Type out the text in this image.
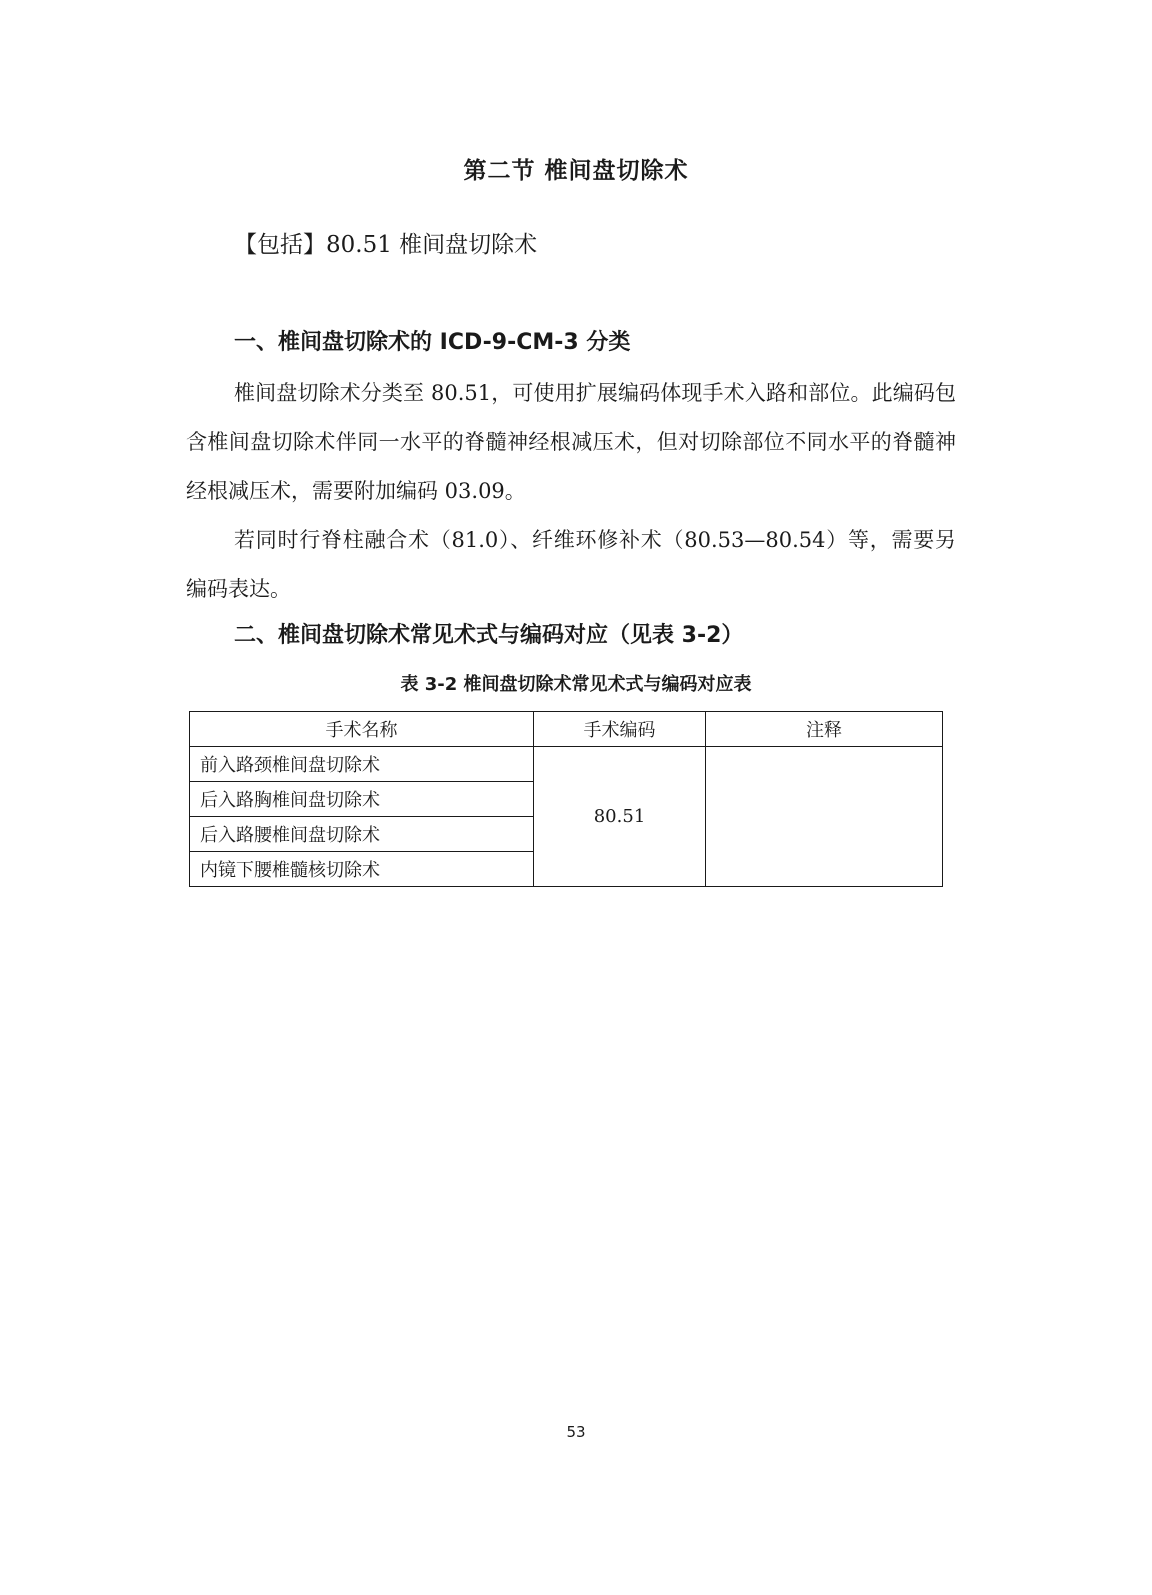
第二节 椎间盘切除术
【包括】80.51 椎间盘切除术
一、椎间盘切除术的 ICD-9-CM-3 分类
椎间盘切除术分类至 80.51，可使用扩展编码体现手术入路和部位。此编码包含椎间盘切除术伴同一水平的脊髓神经根减压术，但对切除部位不同水平的脊髓神经根减压术，需要附加编码 03.09。
若同时行脊柱融合术（81.0）、纤维环修补术（80.53—80.54）等，需要另编码表达。
二、椎间盘切除术常见术式与编码对应（见表 3-2）
表 3-2 椎间盘切除术常见术式与编码对应表
手术名称	手术编码	注释
前入路颈椎间盘切除术	80.51	
后入路胸椎间盘切除术		
后入路腰椎间盘切除术		
内镜下腰椎髓核切除术		
53
